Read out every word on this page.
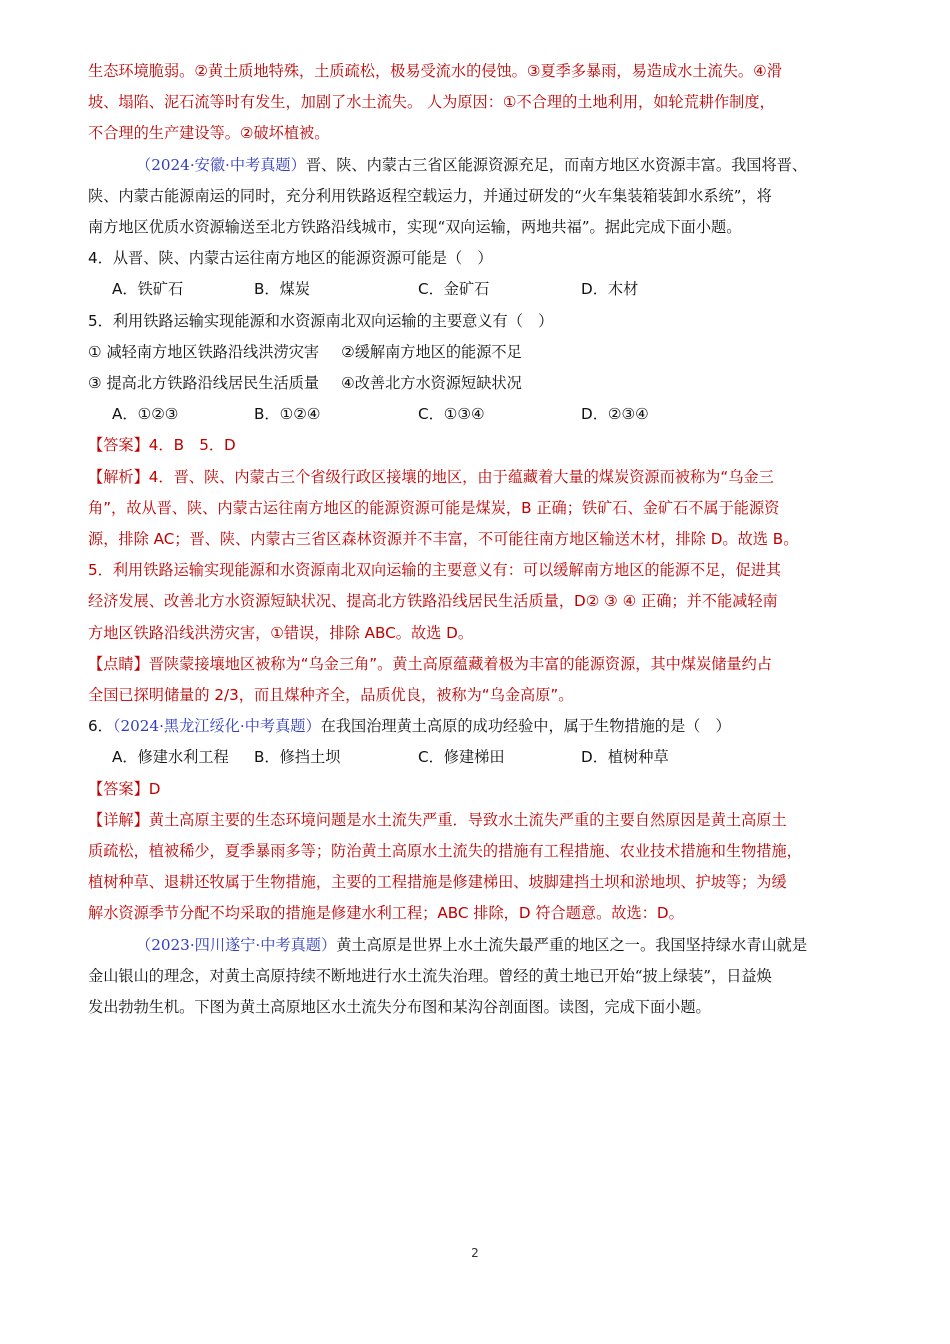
生态环境脆弱。②黄土质地特殊，土质疏松，极易受流水的侵蚀。③夏季多暴雨，易造成水土流失。④滑
坡、塌陷、泥石流等时有发生，加剧了水土流失。 人为原因：①不合理的土地利用，如轮荒耕作制度，
不合理的生产建设等。②破坏植被。
（2024·安徽·中考真题）晋、陕、内蒙古三省区能源资源充足，而南方地区水资源丰富。我国将晋、
陕、内蒙古能源南运的同时，充分利用铁路返程空载运力，并通过研发的“火车集装箱装卸水系统”，将
南方地区优质水资源输送至北方铁路沿线城市，实现“双向运输，两地共福”。据此完成下面小题。
4．从晋、陕、内蒙古运往南方地区的能源资源可能是（　）
A．铁矿石	B．煤炭	C．金矿石	D．木材
5．利用铁路运输实现能源和水资源南北双向运输的主要意义有（　）
① 减轻南方地区铁路沿线洪涝灾害 ②缓解南方地区的能源不足
③ 提高北方铁路沿线居民生活质量 ④改善北方水资源短缺状况
A．①②③	B．①②④	C．①③④	D．②③④
【答案】4．B　5．D
【解析】4．晋、陕、内蒙古三个省级行政区接壤的地区，由于蕴藏着大量的煤炭资源而被称为“乌金三
角”，故从晋、陕、内蒙古运往南方地区的能源资源可能是煤炭，B 正确；铁矿石、金矿石不属于能源资
源，排除 AC；晋、陕、内蒙古三省区森林资源并不丰富，不可能往南方地区输送木材，排除 D。故选 B。
5．利用铁路运输实现能源和水资源南北双向运输的主要意义有：可以缓解南方地区的能源不足，促进其
经济发展、改善北方水资源短缺状况、提高北方铁路沿线居民生活质量，D② ③ ④ 正确；并不能减轻南
方地区铁路沿线洪涝灾害，①错误，排除 ABC。故选 D。
【点睛】晋陕蒙接壤地区被称为“乌金三角”。黄土高原蕴藏着极为丰富的能源资源，其中煤炭储量约占
全国已探明储量的 2/3，而且煤种齐全，品质优良，被称为“乌金高原”。
6．（2024·黑龙江绥化·中考真题）在我国治理黄土高原的成功经验中，属于生物措施的是（　）
A．修建水利工程	B．修挡土坝	C．修建梯田	D．植树种草
【答案】D
【详解】黄土高原主要的生态环境问题是水土流失严重．导致水土流失严重的主要自然原因是黄土高原土
质疏松，植被稀少，夏季暴雨多等；防治黄土高原水土流失的措施有工程措施、农业技术措施和生物措施，
植树种草、退耕还牧属于生物措施，主要的工程措施是修建梯田、坡脚建挡土坝和淤地坝、护坡等；为缓
解水资源季节分配不均采取的措施是修建水利工程；ABC 排除，D 符合题意。故选：D。
（2023·四川遂宁·中考真题）黄土高原是世界上水土流失最严重的地区之一。我国坚持绿水青山就是
金山银山的理念，对黄土高原持续不断地进行水土流失治理。曾经的黄土地已开始“披上绿装”，日益焕
发出勃勃生机。下图为黄土高原地区水土流失分布图和某沟谷剖面图。读图，完成下面小题。
2
